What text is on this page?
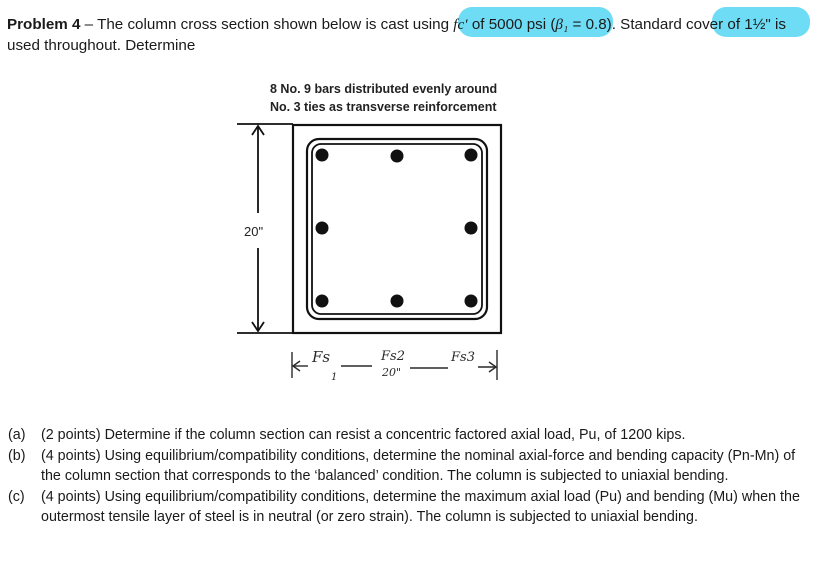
Problem 4 – The column cross section shown below is cast using fc′ of 5000 psi (β₁ = 0.8). Standard cover of 1½" is used throughout. Determine
8 No. 9 bars distributed evenly around
No. 3 ties as transverse reinforcement
20"
Fs
1
Fs2
20"
Fs3
(a)	(2 points) Determine if the column section can resist a concentric factored axial load, Pu, of 1200 kips.
(b)	(4 points) Using equilibrium/compatibility conditions, determine the nominal axial-force and bending capacity (Pn-Mn) of the column section that corresponds to the ‘balanced’ condition. The column is subjected to uniaxial bending.
(c)	(4 points) Using equilibrium/compatibility conditions, determine the maximum axial load (Pu) and bending (Mu) when the outermost tensile layer of steel is in neutral (or zero strain). The column is subjected to uniaxial bending.
